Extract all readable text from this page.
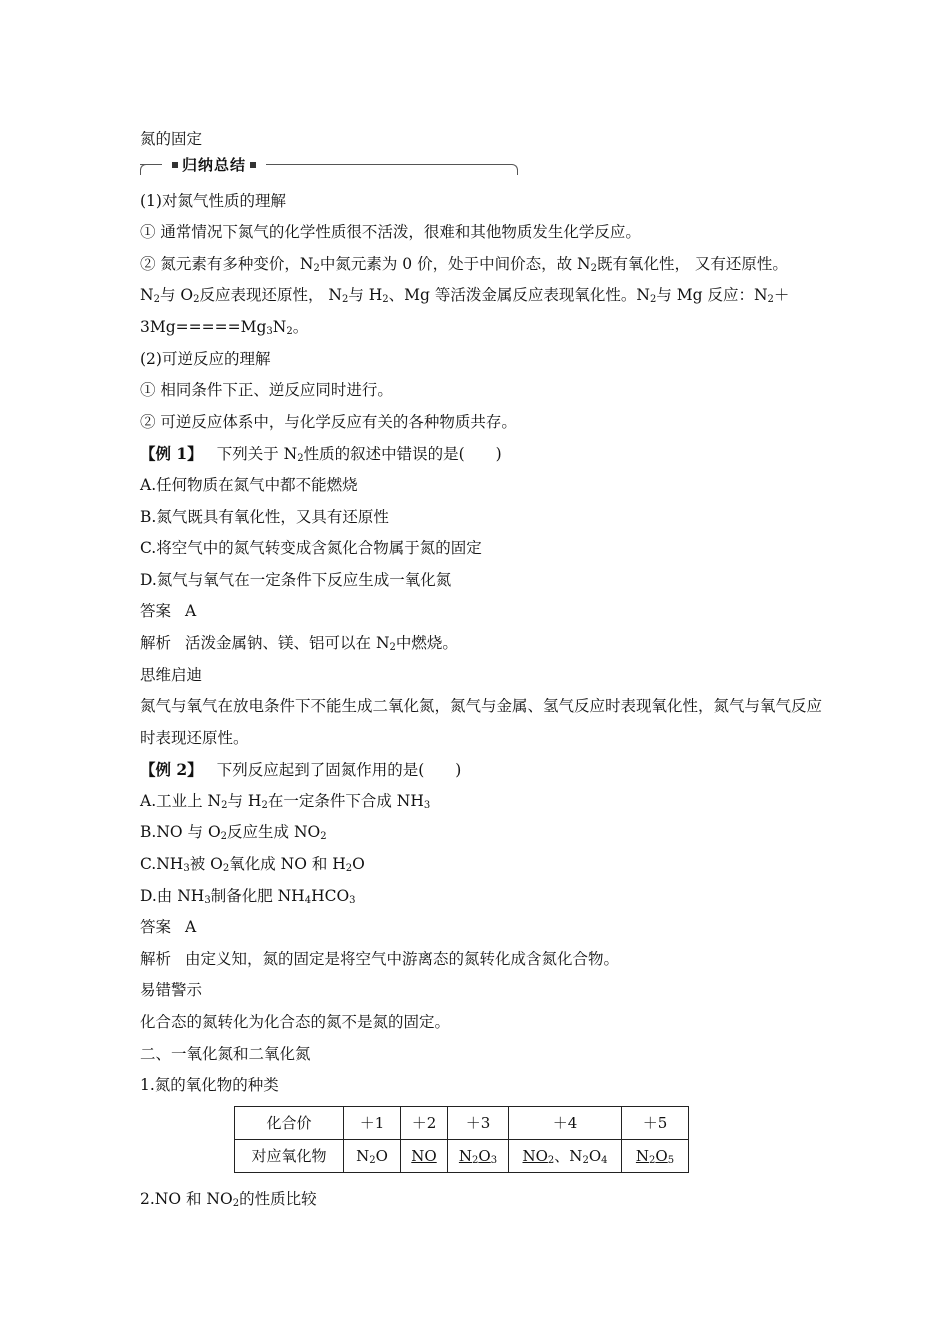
氮的固定
归纳总结
(1)对氮气性质的理解
① 通常情况下氮气的化学性质很不活泼，很难和其他物质发生化学反应。
② 氮元素有多种变价，$N_2$中氮元素为 0 价，处于中间价态，故 $N_2$既有氧化性， 又有还原性。
$N_2$与 $O_2$反应表现还原性， $N_2$与 $H_2$、Mg 等活泼金属反应表现氧化性。$N_2$与 Mg 反应：$N_2+$
$3Mg=====Mg_3N_2$。
(2)可逆反应的理解
① 相同条件下正、逆反应同时进行。
② 可逆反应体系中，与化学反应有关的各种物质共存。
【例 1】 下列关于 $N_2$性质的叙述中错误的是(　　)
A.任何物质在氮气中都不能燃烧
B.氮气既具有氧化性，又具有还原性
C.将空气中的氮气转变成含氮化合物属于氮的固定
D.氮气与氧气在一定条件下反应生成一氧化氮
答案 A
解析 活泼金属钠、镁、铝可以在 $N_2$中燃烧。
思维启迪
氮气与氧气在放电条件下不能生成二氧化氮，氮气与金属、氢气反应时表现氧化性，氮气与氧气反应时表现还原性。
【例 2】 下列反应起到了固氮作用的是(　　)
A.工业上 $N_2$与 $H_2$在一定条件下合成 $NH_3$
B.NO 与 $O_2$反应生成 $NO_2$
$C.NH_3$被 $O_2$氧化成 NO 和 $H_2O$
D.由 $NH_3$制备化肥 $NH_4HCO_3$
答案 A
解析 由定义知，氮的固定是将空气中游离态的氮转化成含氮化合物。
易错警示
化合态的氮转化为化合态的氮不是氮的固定。
二、一氧化氮和二氧化氮
1.氮的氧化物的种类
化合价	＋1	＋2	＋3	＋4	＋5
对应氧化物	$N_2O$	NO	$N_2O_3$	$NO_2$、$N_2O_4$	$N_2O_5$
2.NO 和 $NO_2$的性质比较
